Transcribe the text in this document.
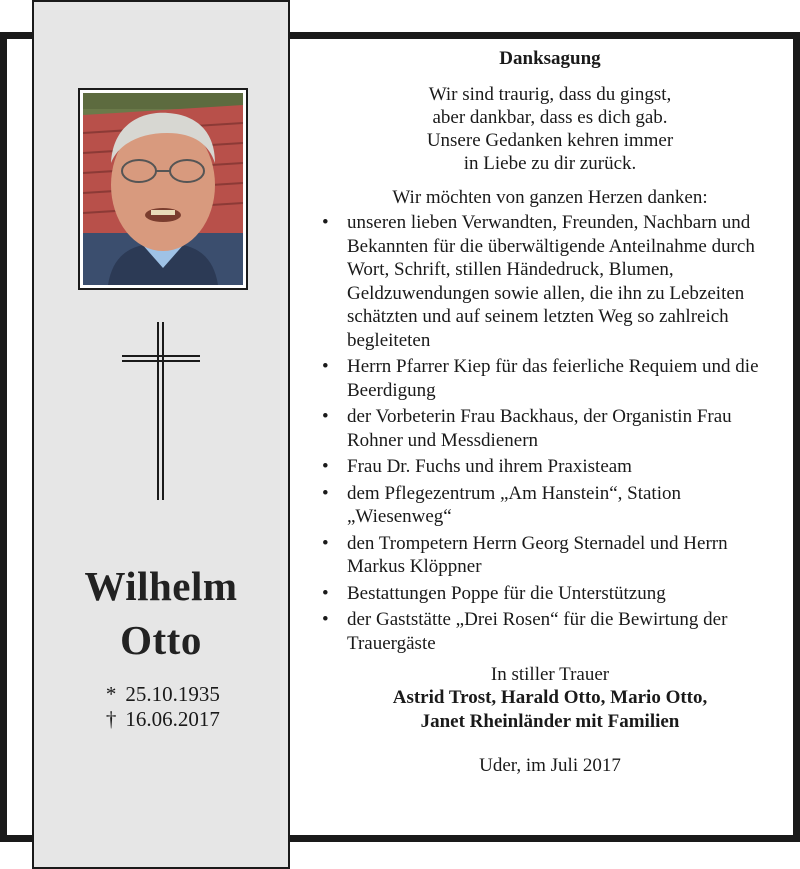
Wilhelm
Otto
* 25.10.1935
† 16.06.2017
Danksagung
Wir sind traurig, dass du gingst,
aber dankbar, dass es dich gab.
Unsere Gedanken kehren immer
in Liebe zu dir zurück.
Wir möchten von ganzen Herzen danken:
• unseren lieben Verwandten, Freunden, Nachbarn und Bekannten für die überwältigende Anteilnahme durch Wort, Schrift, stillen Händedruck, Blumen, Geldzuwendungen sowie allen, die ihn zu Lebzeiten schätzten und auf seinem letzten Weg so zahlreich begleiteten
• Herrn Pfarrer Kiep für das feierliche Requiem und die Beerdigung
• der Vorbeterin Frau Backhaus, der Organistin Frau Rohner und Messdienern
• Frau Dr. Fuchs und ihrem Praxisteam
• dem Pflegezentrum „Am Hanstein“, Station „Wiesenweg“
• den Trompetern Herrn Georg Sternadel und Herrn Markus Klöppner
• Bestattungen Poppe für die Unterstützung
• der Gaststätte „Drei Rosen“ für die Bewirtung der Trauergäste
In stiller Trauer
Astrid Trost, Harald Otto, Mario Otto,
Janet Rheinländer mit Familien
Uder, im Juli 2017
